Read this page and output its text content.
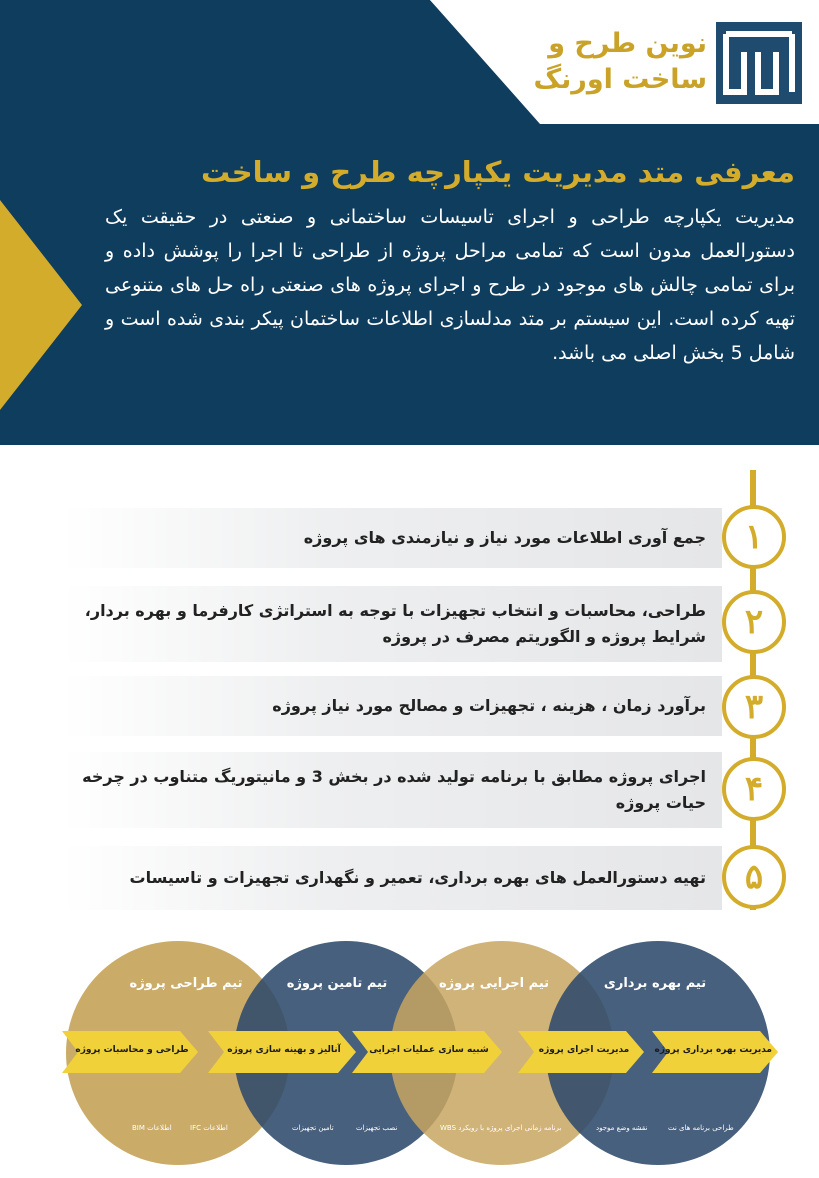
نوین طرح و
ساخت اورنگ
معرفی متد مدیریت یکپارچه طرح و ساخت
مدیریت یکپارچه طراحی و اجرای تاسیسات ساختمانی و صنعتی در حقیقت یک دستورالعمل مدون است که تمامی مراحل پروژه از طراحی تا اجرا را پوشش داده و برای تمامی چالش های موجود در طرح و اجرای پروژه های صنعتی راه حل های متنوعی تهیه کرده است. این سیستم بر متد مدلسازی اطلاعات ساختمان پیکر بندی شده است و شامل 5 بخش اصلی می باشد.
جمع آوری اطلاعات مورد نیاز و نیازمندی های پروژه	۱
طراحی، محاسبات و انتخاب تجهیزات با توجه به استراتژی کارفرما و بهره بردار، شرایط پروژه و الگوریتم مصرف در پروژه	۲
برآورد زمان ، هزینه ، تجهیزات و مصالح مورد نیاز پروژه	۳
اجرای پروژه مطابق با برنامه تولید شده در بخش 3 و مانیتوریگ متناوب در چرخه حیات پروژه	۴
تهیه دستورالعمل های بهره برداری، تعمیر و نگهداری تجهیزات و تاسیسات	۵
تیم بهره برداری
تیم اجرایی پروژه
تیم تامین پروژه
تیم طراحی پروژه
مدیریت بهره برداری پروژه
مدیریت اجرای پروژه
شبیه سازی عملیات اجرایی
آنالیز و بهینه سازی پروژه
طراحی و محاسبات پروژه
طراحی برنامه های نت
نقشه وضع موجود
برنامه زمانی اجرای پروژه با رویکرد WBS
نصب تجهیزات
تامین تجهیزات
اطلاعات IFC
اطلاعات BIM
